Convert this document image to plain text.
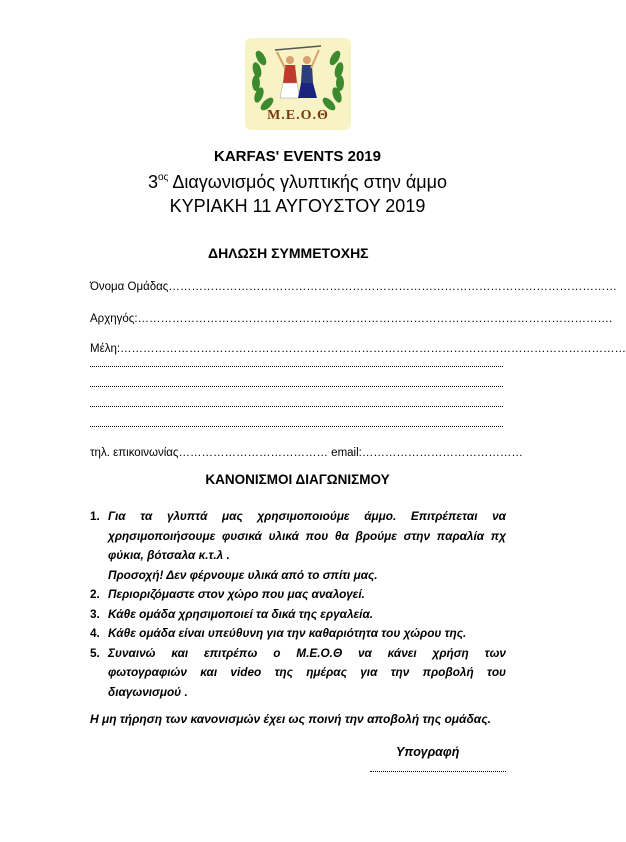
Μ.Ε.Ο.Θ
KARFAS' EVENTS 2019
$3^{o\varsigma}$ Διαγωνισμός γλυπτικής στην άμμο
ΚΥΡΙΑΚΗ 11 ΑΥΓΟΥΣΤΟΥ 2019
ΔΗΛΩΣΗ ΣΥΜΜΕΤΟΧΗΣ
Όνομα Ομάδας………………………………………………………………………………………………………
Αρχηγός:…………………………………………………………………………………………………………….
Μέλη:……………………………………………………………………………………………………………………
τηλ. επικοινωνίας………………………………… email:……………………………………
ΚΑΝΟΝΙΣΜΟΙ ΔΙΑΓΩΝΙΣΜΟΥ
1. Για τα γλυπτά μας χρησιμοποιούμε άμμο. Επιτρέπεται να
χρησιμοποιήσουμε φυσικά υλικά που θα βρούμε στην παραλία πχ
φύκια, βότσαλα κ.τ.λ .
Προσοχή! Δεν φέρνουμε υλικά από το σπίτι μας.
2. Περιοριζόμαστε στον χώρο που μας αναλογεί.
3. Κάθε ομάδα χρησιμοποιεί τα δικά της εργαλεία.
4. Κάθε ομάδα είναι υπεύθυνη για την καθαριότητα του χώρου της.
5. Συναινώ και επιτρέπω ο Μ.Ε.Ο.Θ να κάνει χρήση των
φωτογραφιών και video της ημέρας για την προβολή του
διαγωνισμού .
Η μη τήρηση των κανονισμών έχει ως ποινή την αποβολή της ομάδας.
Υπογραφή
